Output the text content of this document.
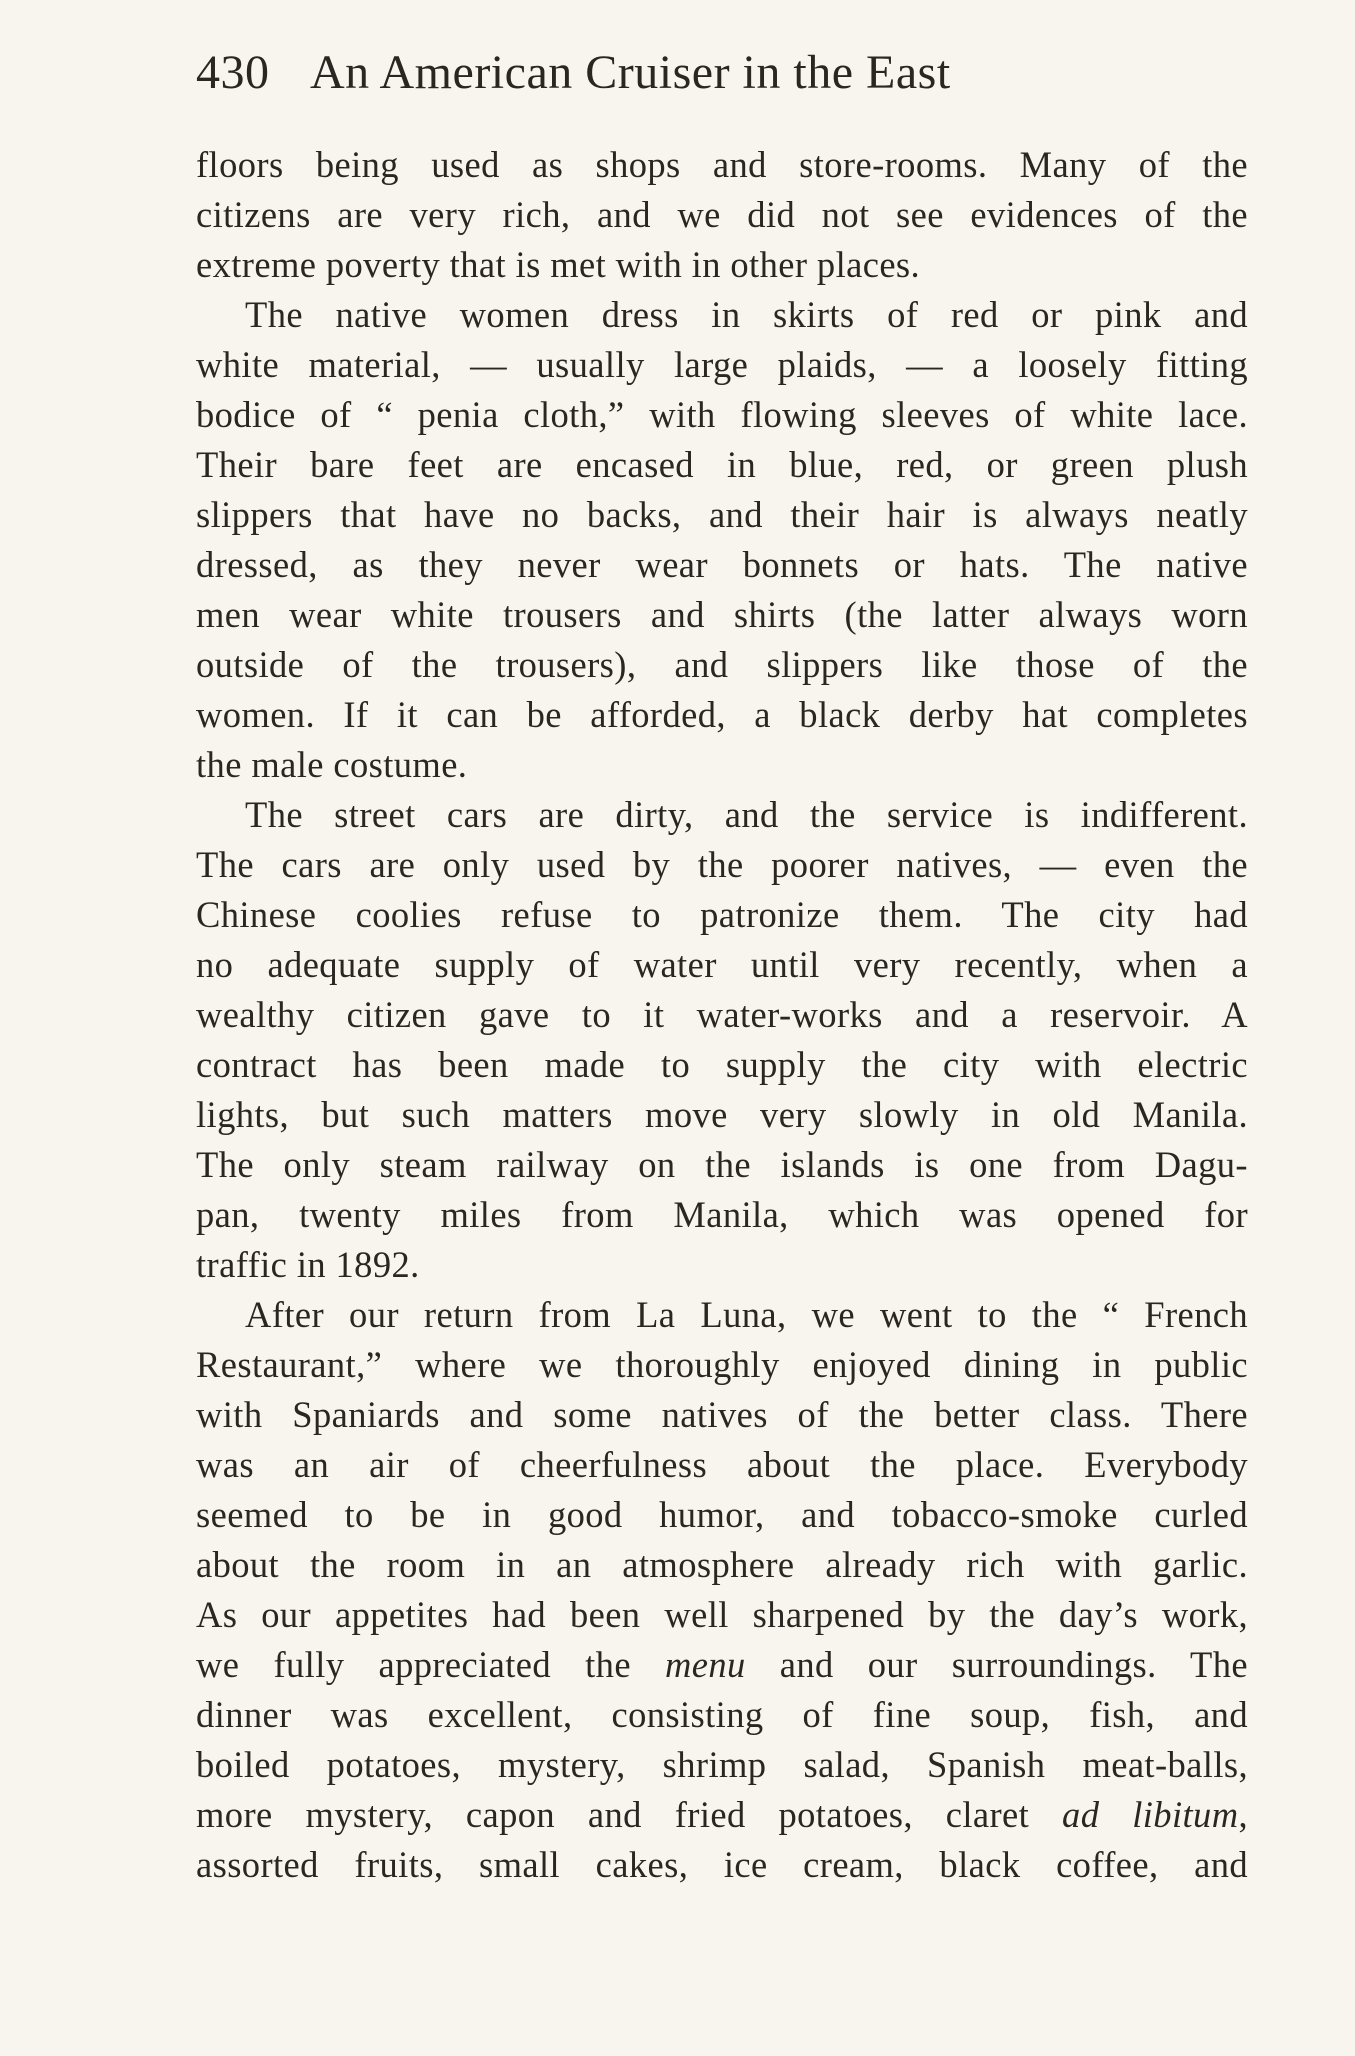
430 An American Cruiser in the East
floors being used as shops and store-rooms. Many of the
citizens are very rich, and we did not see evidences of the
extreme poverty that is met with in other places.
The native women dress in skirts of red or pink and
white material, — usually large plaids, — a loosely fitting
bodice of “ penia cloth,” with flowing sleeves of white lace.
Their bare feet are encased in blue, red, or green plush
slippers that have no backs, and their hair is always neatly
dressed, as they never wear bonnets or hats. The native
men wear white trousers and shirts (the latter always worn
outside of the trousers), and slippers like those of the
women. If it can be afforded, a black derby hat completes
the male costume.
The street cars are dirty, and the service is indifferent.
The cars are only used by the poorer natives, — even the
Chinese coolies refuse to patronize them. The city had
no adequate supply of water until very recently, when a
wealthy citizen gave to it water-works and a reservoir. A
contract has been made to supply the city with electric
lights, but such matters move very slowly in old Manila.
The only steam railway on the islands is one from Dagu-
pan, twenty miles from Manila, which was opened for
traffic in 1892.
After our return from La Luna, we went to the “ French
Restaurant,” where we thoroughly enjoyed dining in public
with Spaniards and some natives of the better class. There
was an air of cheerfulness about the place. Everybody
seemed to be in good humor, and tobacco-smoke curled
about the room in an atmosphere already rich with garlic.
As our appetites had been well sharpened by the day’s work,
we fully appreciated the menu and our surroundings. The
dinner was excellent, consisting of fine soup, fish, and
boiled potatoes, mystery, shrimp salad, Spanish meat-balls,
more mystery, capon and fried potatoes, claret ad libitum,
assorted fruits, small cakes, ice cream, black coffee, and
